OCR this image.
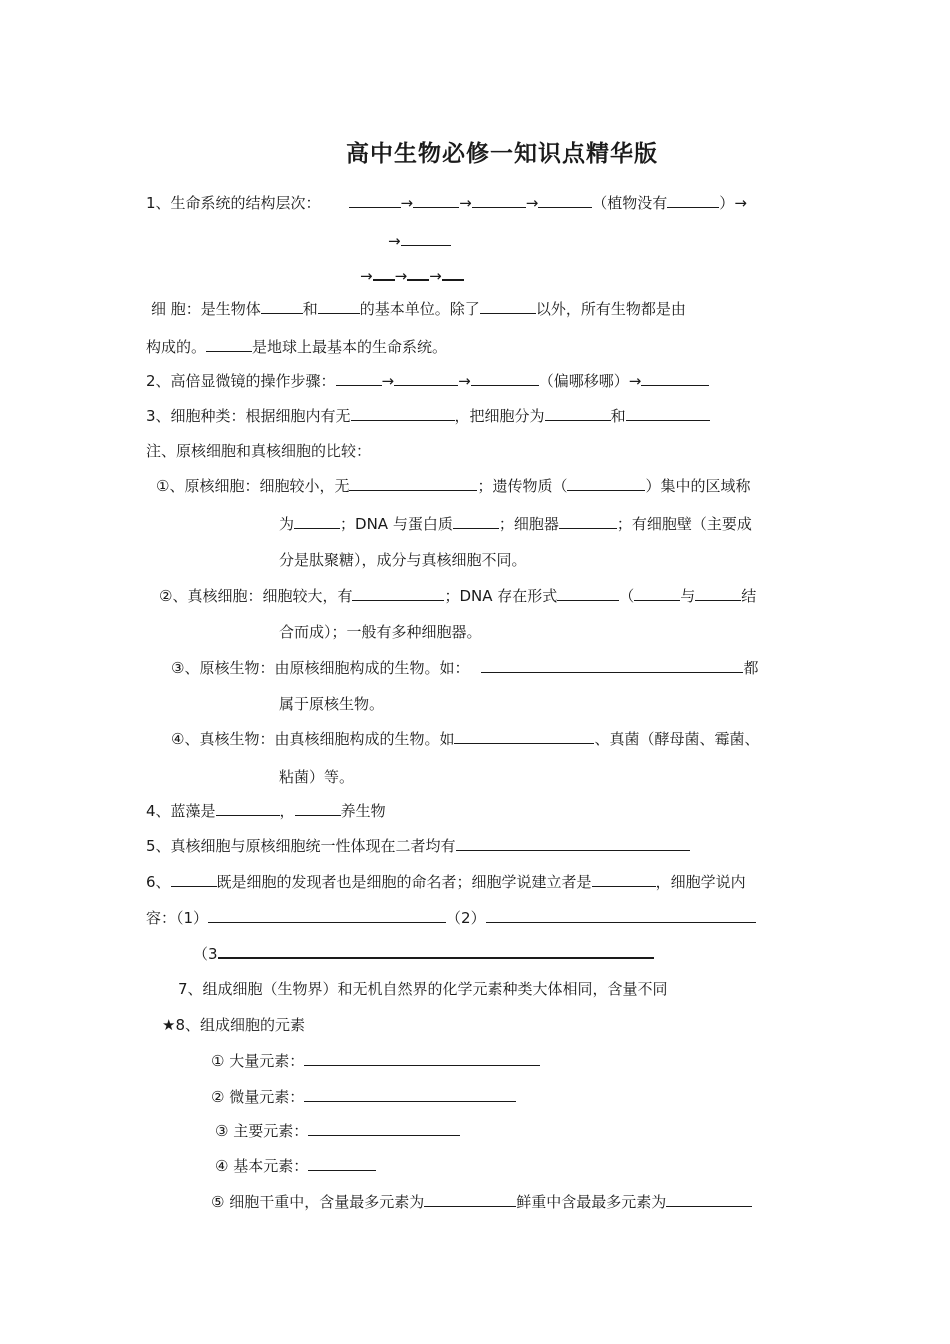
高中生物必修一知识点精华版
1、生命系统的结构层次：	→	→	→	（植物没有	）→
→
→ → →
细 胞：是生物体	和	的基本单位。除了	以外，所有生物都是由
构成的。	是地球上最基本的生命系统。
2、高倍显微镜的操作步骤：	→	→	（偏哪移哪）→
3、细胞种类：根据细胞内有无	，把细胞分为	和
注、原核细胞和真核细胞的比较：
①、原核细胞：细胞较小，无	；遗传物质（	）集中的区域称
为	；DNA 与蛋白质	；细胞器	；有细胞壁（主要成
分是肽聚糖），成分与真核细胞不同。
②、真核细胞：细胞较大，有	；DNA 存在形式	（	与	结
合而成）；一般有多种细胞器。
③、原核生物：由原核细胞构成的生物。如：	都
属于原核生物。
④、真核生物：由真核细胞构成的生物。如	、真菌（酵母菌、霉菌、
粘菌）等。
4、蓝藻是	，	养生物
5、真核细胞与原核细胞统一性体现在二者均有
6、	既是细胞的发现者也是细胞的命名者；细胞学说建立者是	，细胞学说内
容：（1）	（2）
（3
7、组成细胞（生物界）和无机自然界的化学元素种类大体相同，含量不同
★8、组成细胞的元素
① 大量元素：
② 微量元素：
③ 主要元素：
④ 基本元素：
⑤ 细胞干重中，含量最多元素为	鲜重中含最最多元素为
